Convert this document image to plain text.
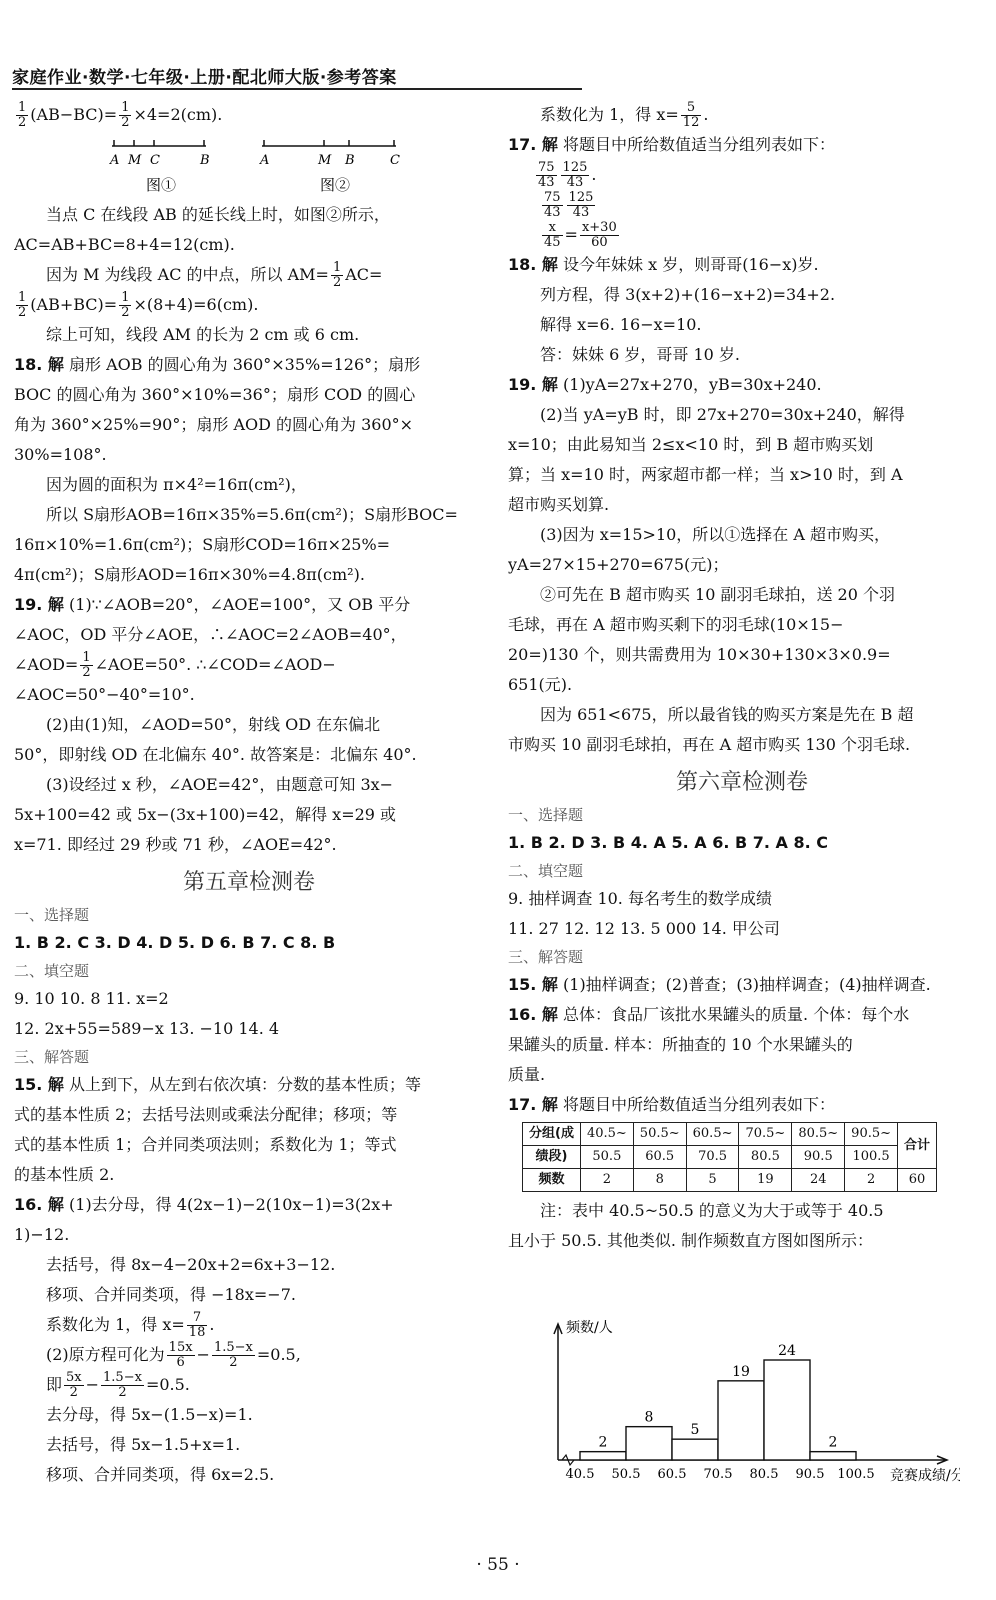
家庭作业·数学·七年级·上册·配北师大版·参考答案
$\frac{1}{2} (AB-BC)= \frac{1}{2} \times 4=2(cm)$.
A M C	B	A	M B	C
图①	图②
当点 C 在线段 AB 的延长线上时，如图②所示，
AC=AB+BC=8+4=12(cm).
因为 M 为线段 AC 的中点，所以 $AM= \frac{1}{2} AC=$
$\frac{1}{2} (AB+BC)= \frac{1}{2} \times(8+4)=6(cm)$.
综上可知，线段 AM 的长为 2 cm 或 6 cm.
18. 解 扇形 AOB 的圆心角为 360°×35%=126°；扇形
BOC 的圆心角为 360°×10%=36°；扇形 COD 的圆心
角为 360°×25%=90°；扇形 AOD 的圆心角为 360°×
30%=108°.
因为圆的面积为 π×4²=16π(cm²)，
所以 S扇形AOB=16π×35%=5.6π(cm²)；S扇形BOC=
16π×10%=1.6π(cm²)；S扇形COD=16π×25%=
4π(cm²)；S扇形AOD=16π×30%=4.8π(cm²).
19. 解 (1)∵∠AOB=20°，∠AOE=100°，又 OB 平分
∠AOC，OD 平分∠AOE，∴∠AOC=2∠AOB=40°，
∠AOD= $\frac{1}{2}$ ∠AOE=50°. ∴∠COD=∠AOD−
∠AOC=50°−40°=10°.
(2)由(1)知，∠AOD=50°，射线 OD 在东偏北
50°，即射线 OD 在北偏东 40°. 故答案是：北偏东 40°.
(3)设经过 x 秒，∠AOE=42°，由题意可知 3x−
5x+100=42 或 5x−(3x+100)=42，解得 x=29 或
x=71. 即经过 29 秒或 71 秒，∠AOE=42°.
第五章检测卷
一、选择题
1. B 2. C 3. D 4. D 5. D 6. B 7. C 8. B
二、填空题
9. 10 10. 8 11. x=2
12. 2x+55=589−x 13. −10 14. 4
三、解答题
15. 解 从上到下，从左到右依次填：分数的基本性质；等
式的基本性质 2；去括号法则或乘法分配律；移项；等
式的基本性质 1；合并同类项法则；系数化为 1；等式
的基本性质 2.
16. 解 (1)去分母，得 4(2x−1)−2(10x−1)=3(2x+
1)−12.
去括号，得 8x−4−20x+2=6x+3−12.
移项、合并同类项，得 −18x=−7.
系数化为 1，得 $x= \frac{7}{18}$ .
(2)原方程可化为 $\frac{15x}{6} - \frac{1.5-x}{2} =0.5$,
即 $\frac{5x}{2} - \frac{1.5-x}{2} =0.5$.
去分母，得 5x−(1.5−x)=1.
去括号，得 5x−1.5+x=1.
移项、合并同类项，得 6x=2.5.
系数化为 1，得 $x= \frac{5}{12}$ .
17. 解 将题目中所给数值适当分组列表如下：
$\frac{75}{43} \frac{125}{43}$ .
$\frac{75}{43} \frac{125}{43}$
$\frac{x}{45} = \frac{x+30}{60}$
18. 解 设今年妹妹 x 岁，则哥哥(16−x)岁.
列方程，得 3(x+2)+(16−x+2)=34+2.
解得 x=6. 16−x=10.
答：妹妹 6 岁，哥哥 10 岁.
19. 解 (1)yA=27x+270，yB=30x+240.
(2)当 yA=yB 时，即 27x+270=30x+240，解得
x=10；由此易知当 2≤x<10 时，到 B 超市购买划
算；当 x=10 时，两家超市都一样；当 x>10 时，到 A
超市购买划算.
(3)因为 x=15>10，所以①选择在 A 超市购买，
yA=27×15+270=675(元)；
②可先在 B 超市购买 10 副羽毛球拍，送 20 个羽
毛球，再在 A 超市购买剩下的羽毛球(10×15−
20=)130 个，则共需费用为 10×30+130×3×0.9=
651(元).
因为 651<675，所以最省钱的购买方案是先在 B 超
市购买 10 副羽毛球拍，再在 A 超市购买 130 个羽毛球.
第六章检测卷
一、选择题
1. B 2. D 3. B 4. A 5. A 6. B 7. A 8. C
二、填空题
9. 抽样调查 10. 每名考生的数学成绩
11. 27 12. 12 13. 5 000 14. 甲公司
三、解答题
15. 解 (1)抽样调查；(2)普查；(3)抽样调查；(4)抽样调查.
16. 解 总体：食品厂该批水果罐头的质量. 个体：每个水
果罐头的质量. 样本：所抽查的 10 个水果罐头的
质量.
17. 解 将题目中所给数值适当分组列表如下：
分组(成	40.5~	50.5~	60.5~	70.5~	80.5~	90.5~	合计
绩段)	50.5	60.5	70.5	80.5	90.5	100.5	
频数	2	8	5	19	24	2	60
注：表中 40.5~50.5 的意义为大于或等于 40.5
且小于 50.5. 其他类似. 制作频数直方图如图所示：
频数/人
竞赛成绩/分
2
8
5
19
24
2
40.5 50.5 60.5 70.5 80.5 90.5 100.5
· 55 ·
